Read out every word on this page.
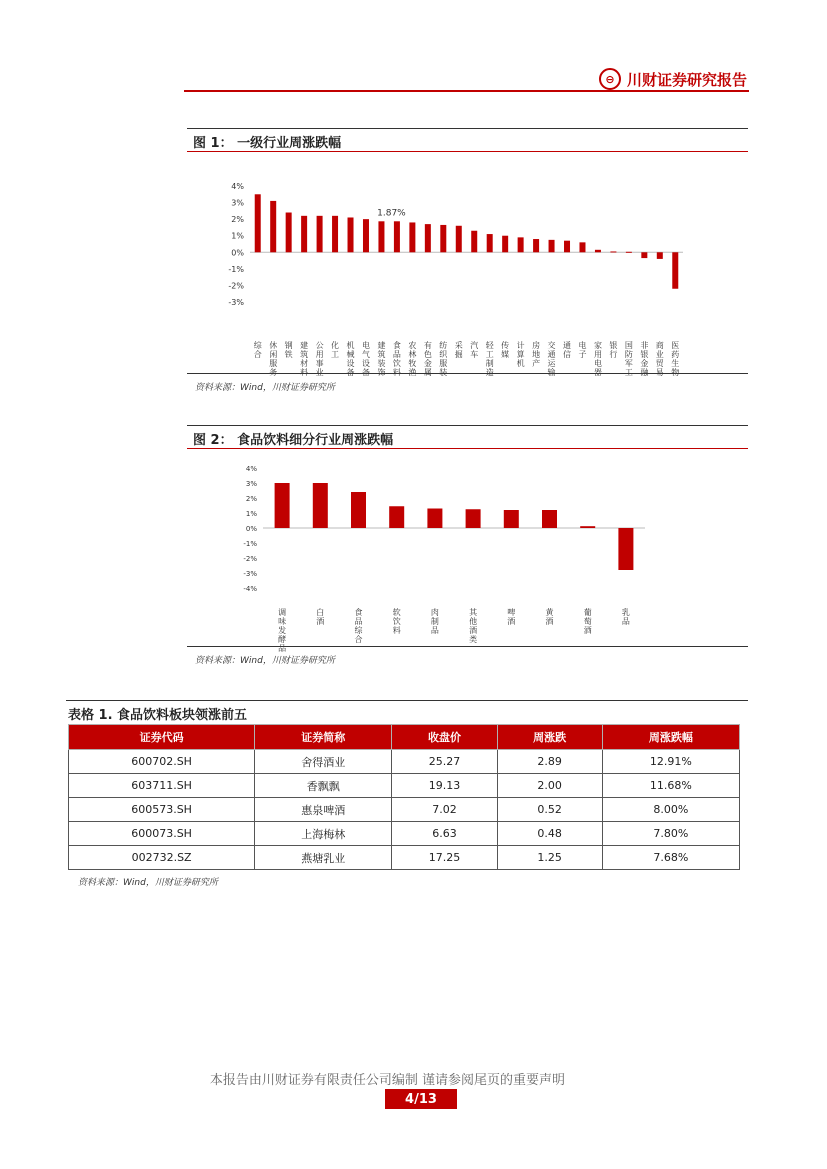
⊖ 川财证券研究报告
图 1： 一级行业周涨跌幅
4%
3%
2%
1%
0%
-1%
-2%
-3%
综合
休闲服务
钢铁
建筑材料
公用事业
化工
机械设备
电气设备
建筑装饰
1.87%
食品饮料
农林牧渔
有色金属
纺织服装
采掘
汽车
轻工制造
传媒
计算机
房地产
交通运输
通信
电子
家用电器
银行
国防军工
非银金融
商业贸易
医药生物
资料来源：Wind，川财证券研究所
图 2： 食品饮料细分行业周涨跌幅
4%
3%
2%
1%
0%
-1%
-2%
-3%
-4%
调味发酵品
白酒
食品综合
软饮料
肉制品
其他酒类
啤酒
黄酒
葡萄酒
乳品
资料来源：Wind，川财证券研究所
表格 1. 食品饮料板块领涨前五
证券代码	证券简称	收盘价	周涨跌	周涨跌幅
600702.SH	舍得酒业	25.27	2.89	12.91%
603711.SH	香飘飘	19.13	2.00	11.68%
600573.SH	惠泉啤酒	7.02	0.52	8.00%
600073.SH	上海梅林	6.63	0.48	7.80%
002732.SZ	燕塘乳业	17.25	1.25	7.68%
资料来源：Wind，川财证券研究所
本报告由川财证券有限责任公司编制 谨请参阅尾页的重要声明
4/13
